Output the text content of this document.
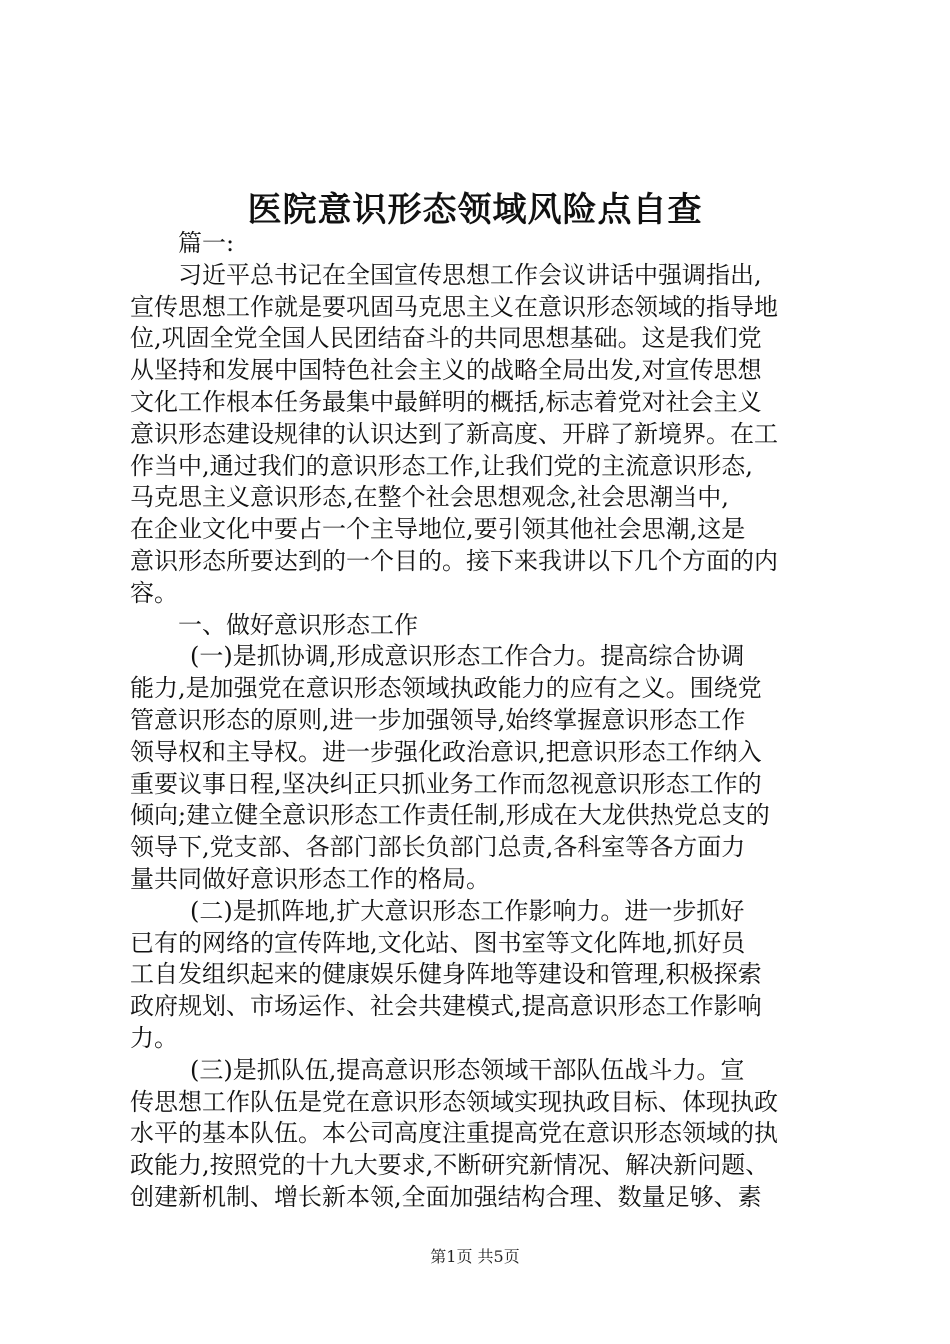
医院意识形态领域风险点自查
篇一:
习近平总书记在全国宣传思想工作会议讲话中强调指出,
宣传思想工作就是要巩固马克思主义在意识形态领域的指导地
位,巩固全党全国人民团结奋斗的共同思想基础。这是我们党
从坚持和发展中国特色社会主义的战略全局出发,对宣传思想
文化工作根本任务最集中最鲜明的概括,标志着党对社会主义
意识形态建设规律的认识达到了新高度、开辟了新境界。在工
作当中,通过我们的意识形态工作,让我们党的主流意识形态,
马克思主义意识形态,在整个社会思想观念,社会思潮当中,
在企业文化中要占一个主导地位,要引领其他社会思潮,这是
意识形态所要达到的一个目的。接下来我讲以下几个方面的内
容。
一、做好意识形态工作
(一)是抓协调,形成意识形态工作合力。提高综合协调
能力,是加强党在意识形态领域执政能力的应有之义。围绕党
管意识形态的原则,进一步加强领导,始终掌握意识形态工作
领导权和主导权。进一步强化政治意识,把意识形态工作纳入
重要议事日程,坚决纠正只抓业务工作而忽视意识形态工作的
倾向;建立健全意识形态工作责任制,形成在大龙供热党总支的
领导下,党支部、各部门部长负部门总责,各科室等各方面力
量共同做好意识形态工作的格局。
(二)是抓阵地,扩大意识形态工作影响力。进一步抓好
已有的网络的宣传阵地,文化站、图书室等文化阵地,抓好员
工自发组织起来的健康娱乐健身阵地等建设和管理,积极探索
政府规划、市场运作、社会共建模式,提高意识形态工作影响
力。
(三)是抓队伍,提高意识形态领域干部队伍战斗力。宣
传思想工作队伍是党在意识形态领域实现执政目标、体现执政
水平的基本队伍。本公司高度注重提高党在意识形态领域的执
政能力,按照党的十九大要求,不断研究新情况、解决新问题、
创建新机制、增长新本领,全面加强结构合理、数量足够、素
第1页 共5页
